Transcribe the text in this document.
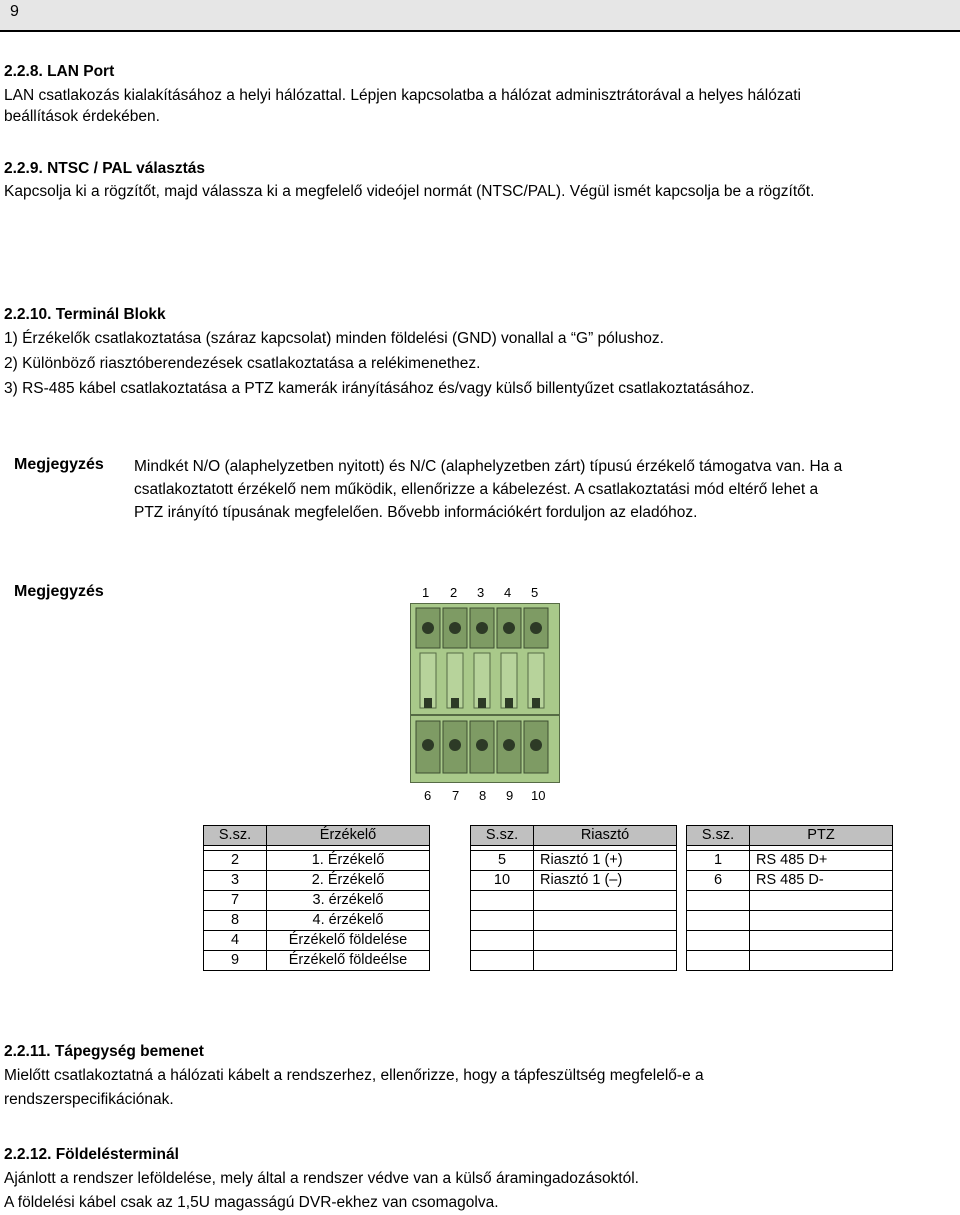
9
2.2.8. LAN Port
LAN csatlakozás kialakításához a helyi hálózattal. Lépjen kapcsolatba a hálózat adminisztrátorával a helyes hálózati
beállítások érdekében.
2.2.9. NTSC / PAL választás
Kapcsolja ki a rögzítőt, majd válassza ki a megfelelő videójel normát (NTSC/PAL). Végül ismét kapcsolja be a rögzítőt.
2.2.10. Terminál Blokk
1) Érzékelők csatlakoztatása (száraz kapcsolat) minden földelési (GND) vonallal a “G” pólushoz.
2) Különböző riasztóberendezések csatlakoztatása a relékimenethez.
3) RS-485 kábel csatlakoztatása a PTZ kamerák irányításához és/vagy külső billentyűzet csatlakoztatásához.
Megjegyzés Mindkét N/O (alaphelyzetben nyitott) és N/C (alaphelyzetben zárt) típusú érzékelő támogatva van. Ha a
csatlakoztatott érzékelő nem működik, ellenőrizze a kábelezést. A csatlakoztatási mód eltérő lehet a
PTZ irányító típusának megfelelően. Bővebb információkért forduljon az eladóhoz.
Megjegyzés	1 2 3 4 5
6 7 8 9 10
S.sz.	Érzékelő

2	1. Érzékelő
3	2. Érzékelő
7	3. érzékelő
8	4. érzékelő
4	Érzékelő földelése
9	Érzékelő földeélse
S.sz.	Riasztó

5	Riasztó 1 (+)
10	Riasztó 1 (–)

S.sz.	PTZ

1	RS 485 D+
6	RS 485 D-

2.2.11. Tápegység bemenet
Mielőtt csatlakoztatná a hálózati kábelt a rendszerhez, ellenőrizze, hogy a tápfeszültség megfelelő-e a
rendszerspecifikációnak.
2.2.12. Földelésterminál
Ajánlott a rendszer leföldelése, mely által a rendszer védve van a külső áramingadozásoktól.
A földelési kábel csak az 1,5U magasságú DVR-ekhez van csomagolva.
